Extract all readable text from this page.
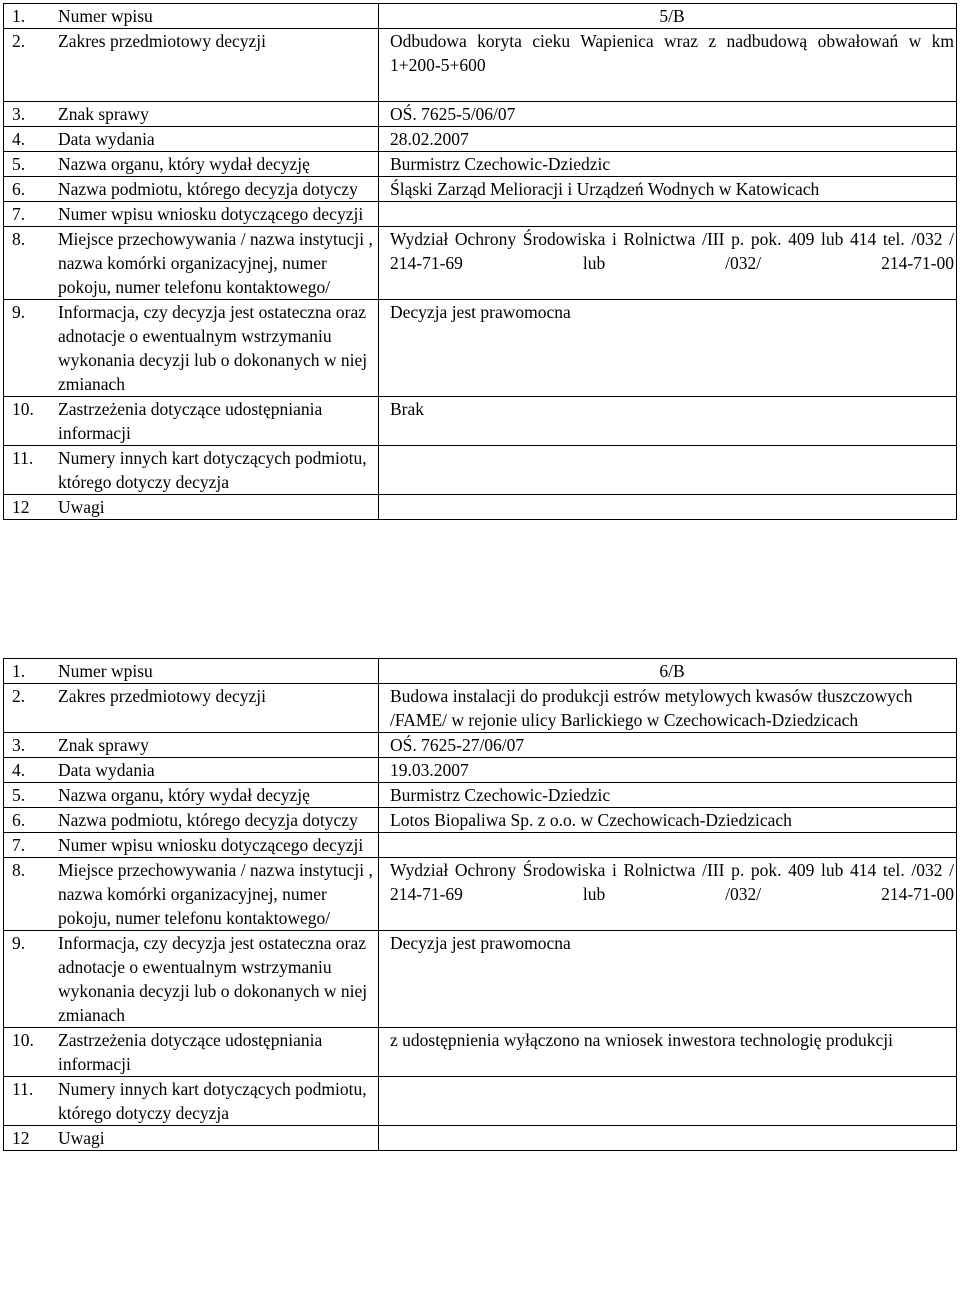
1. Numer wpisu	5/B

2. Zakres przedmiotowy decyzji	Odbudowa koryta cieku Wapienica wraz z nadbudową obwałowań w km 1+200-5+600

3. Znak sprawy	OŚ. 7625-5/06/07

4. Data wydania	28.02.2007

5. Nazwa organu, który wydał decyzję	Burmistrz Czechowic-Dziedzic

6. Nazwa podmiotu, którego decyzja dotyczy	Śląski Zarząd Melioracji i Urządzeń Wodnych w Katowicach

7. Numer wpisu wniosku dotyczącego decyzji	

8. Miejsce przechowywania / nazwa instytucji , nazwa komórki organizacyjnej, numer pokoju, numer telefonu kontaktowego/	Wydział Ochrony Środowiska i Rolnictwa /III p. pok. 409 lub 414 tel. /032 / 214-71-69 lub /032/ 214-71-00

9. Informacja, czy decyzja jest ostateczna oraz adnotacje o ewentualnym wstrzymaniu wykonania decyzji lub o dokonanych w niej zmianach	Decyzja jest prawomocna

10. Zastrzeżenia dotyczące udostępniania informacji	Brak

11. Numery innych kart dotyczących podmiotu, którego dotyczy decyzja	

12 Uwagi	

1. Numer wpisu	6/B

2. Zakres przedmiotowy decyzji	Budowa instalacji do produkcji estrów metylowych kwasów tłuszczowych /FAME/ w rejonie ulicy Barlickiego w Czechowicach-Dziedzicach

3. Znak sprawy	OŚ. 7625-27/06/07

4. Data wydania	19.03.2007

5. Nazwa organu, który wydał decyzję	Burmistrz Czechowic-Dziedzic

6. Nazwa podmiotu, którego decyzja dotyczy	Lotos Biopaliwa Sp. z o.o. w Czechowicach-Dziedzicach

7. Numer wpisu wniosku dotyczącego decyzji	

8. Miejsce przechowywania / nazwa instytucji , nazwa komórki organizacyjnej, numer pokoju, numer telefonu kontaktowego/	Wydział Ochrony Środowiska i Rolnictwa /III p. pok. 409 lub 414 tel. /032 / 214-71-69 lub /032/ 214-71-00

9. Informacja, czy decyzja jest ostateczna oraz adnotacje o ewentualnym wstrzymaniu wykonania decyzji lub o dokonanych w niej zmianach	Decyzja jest prawomocna

10. Zastrzeżenia dotyczące udostępniania informacji	z udostępnienia wyłączono na wniosek inwestora technologię produkcji

11. Numery innych kart dotyczących podmiotu, którego dotyczy decyzja	

12 Uwagi	
